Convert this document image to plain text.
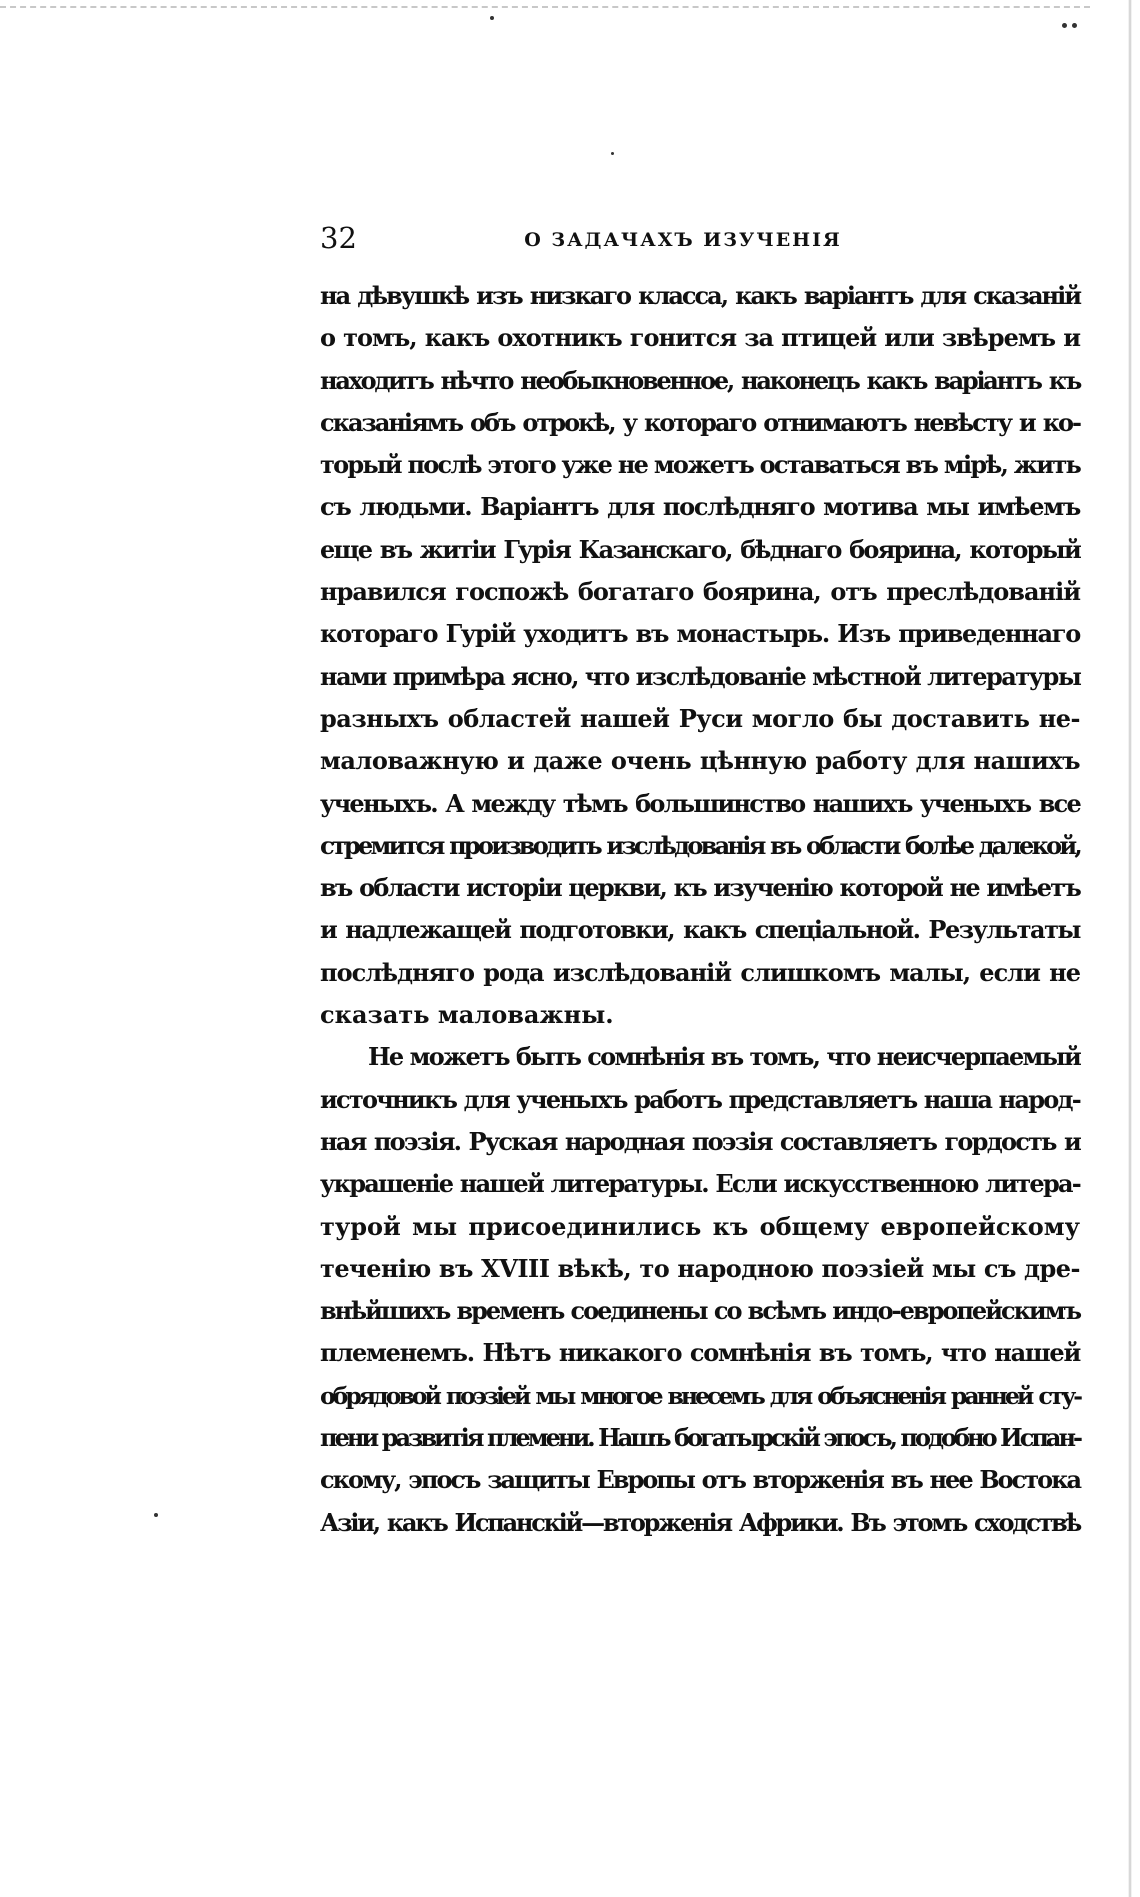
32	О ЗАДАЧАХЪ ИЗУЧЕНІЯ
на дѣвушкѣ изъ низкаго класса, какъ варіантъ для сказаній
о томъ, какъ охотникъ гонится за птицей или звѣремъ и
находитъ нѣчто необыкновенное, наконецъ какъ варіантъ къ
сказаніямъ объ отрокѣ, у котораго отнимаютъ невѣсту и ко-
торый послѣ этого уже не можетъ оставаться въ мірѣ, жить
съ людьми. Варіантъ для послѣдняго мотива мы имѣемъ
еще въ житіи Гурія Казанскаго, бѣднаго боярина, который
нравился госпожѣ богатаго боярина, отъ преслѣдованій
котораго Гурій уходитъ въ монастырь. Изъ приведеннаго
нами примѣра ясно, что изслѣдованіе мѣстной литературы
разныхъ областей нашей Руси могло бы доставить не-
маловажную и даже очень цѣнную работу для нашихъ
ученыхъ. А между тѣмъ большинство нашихъ ученыхъ все
стремится производить изслѣдованія въ области болѣе далекой,
въ области исторіи церкви, къ изученію которой не имѣетъ
и надлежащей подготовки, какъ спеціальной. Результаты
послѣдняго рода изслѣдованій слишкомъ малы, если не
сказать маловажны.
Не можетъ быть сомнѣнія въ томъ, что неисчерпаемый
источникъ для ученыхъ работъ представляетъ наша народ-
ная поэзія. Руская народная поэзія составляетъ гордость и
украшеніе нашей литературы. Если искусственною литера-
турой мы присоединились къ общему европейскому
теченію въ XVIII вѣкѣ, то народною поэзіей мы съ дре-
внѣйшихъ временъ соединены со всѣмъ индо-европейскимъ
племенемъ. Нѣтъ никакого сомнѣнія въ томъ, что нашей
обрядовой поэзіей мы многое внесемъ для объясненія ранней сту-
пени развитія племени. Нашъ богатырскій эпосъ, подобно Испан-
скому, эпосъ защиты Европы отъ вторженія въ нее Востока
Азіи, какъ Испанскій—вторженія Африки. Въ этомъ сходствѣ
